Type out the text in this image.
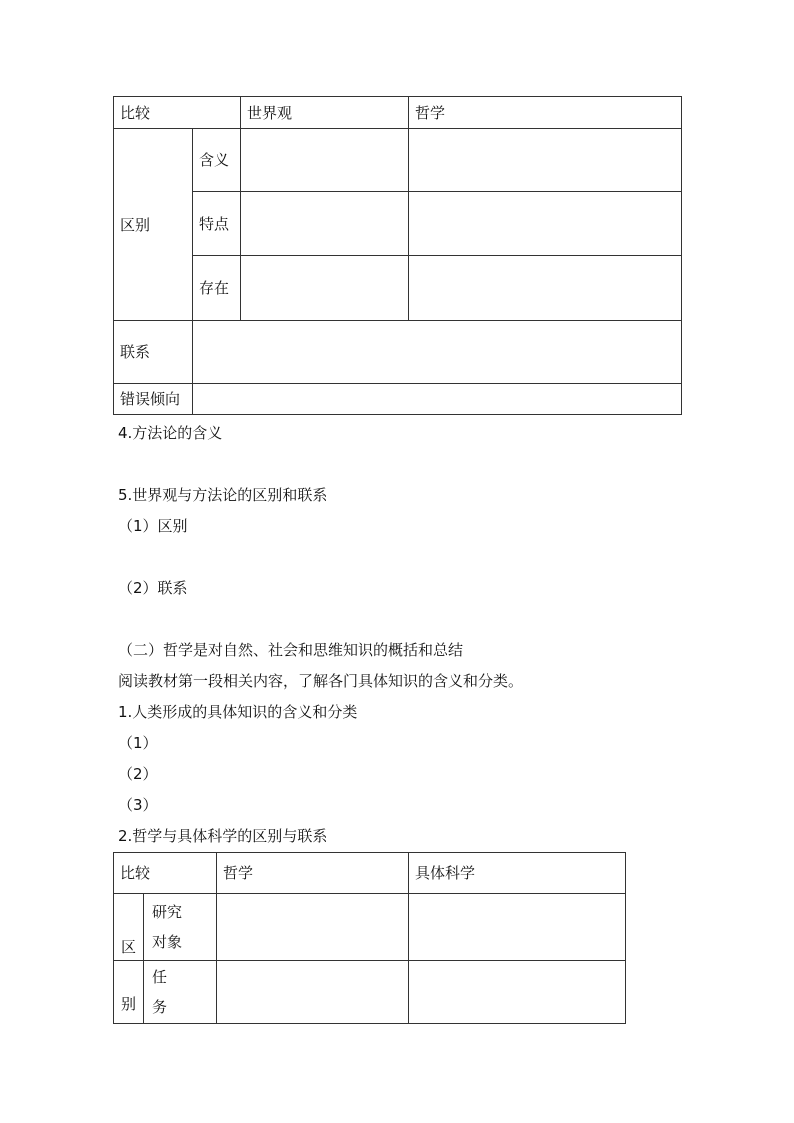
比较		世界观	哲学
区别	含义		
	特点		
	存在		
联系			
错误倾向			
4.方法论的含义
5.世界观与方法论的区别和联系
（1）区别
（2）联系
（二）哲学是对自然、社会和思维知识的概括和总结
阅读教材第一段相关内容，了解各门具体知识的含义和分类。
1.人类形成的具体知识的含义和分类
（1）
（2）
（3）
2.哲学与具体科学的区别与联系
比较		哲学	具体科学
区	研究
对象		

别	任
务		
